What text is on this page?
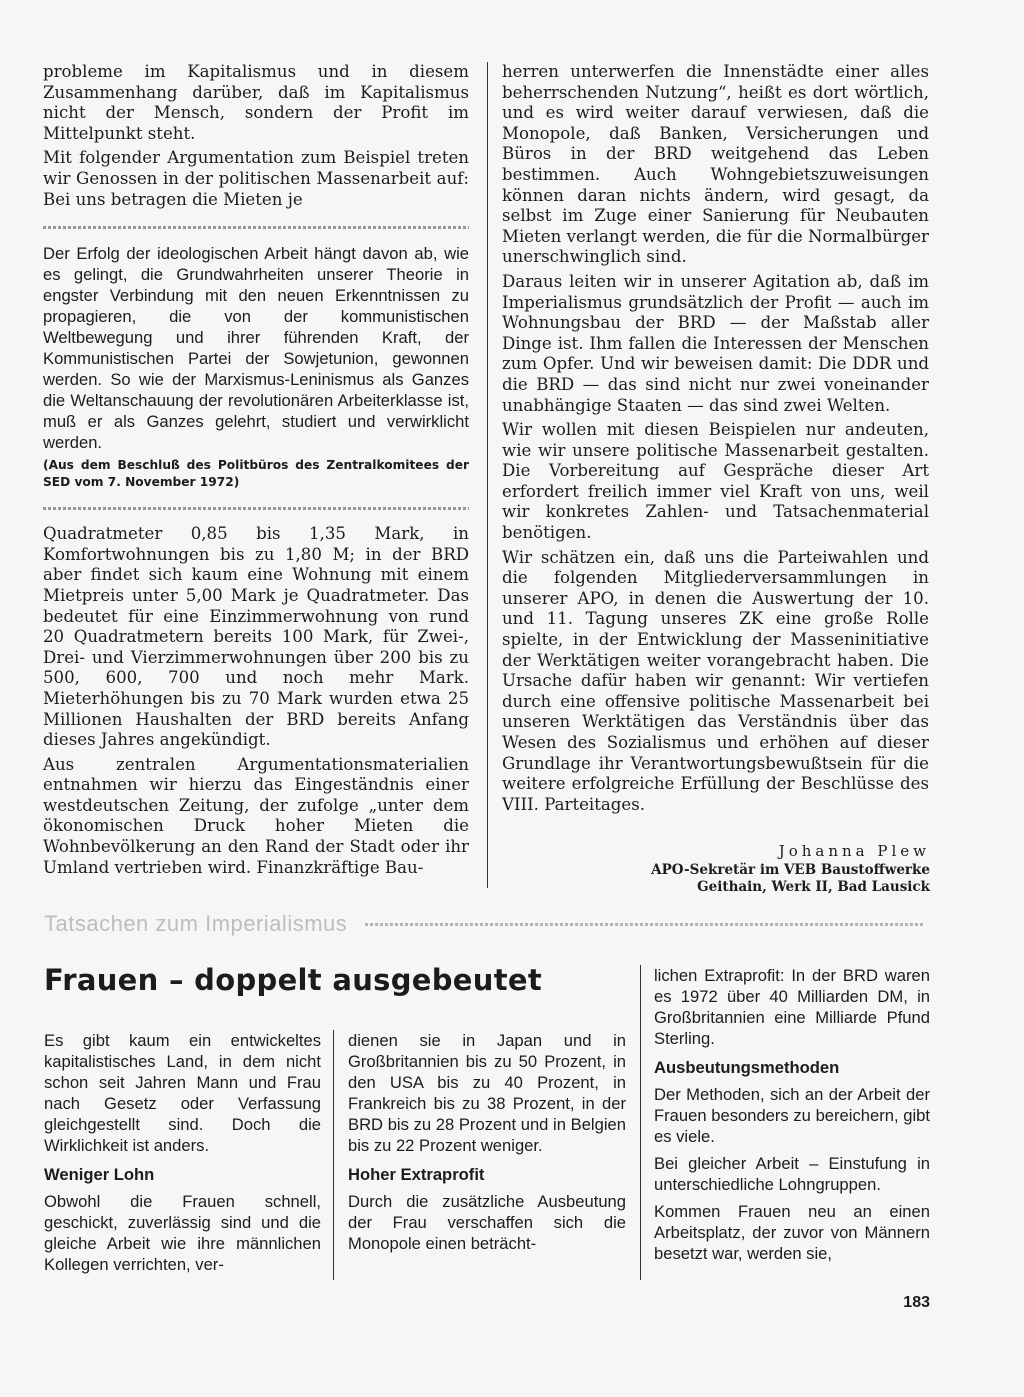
probleme im Kapitalismus und in diesem Zusammenhang darüber, daß im Kapitalismus nicht der Mensch, sondern der Profit im Mittelpunkt steht.

Mit folgender Argumentation zum Beispiel treten wir Genossen in der politischen Massenarbeit auf: Bei uns betragen die Mieten je

Der Erfolg der ideologischen Arbeit hängt davon ab, wie es gelingt, die Grundwahrheiten unserer Theorie in engster Verbindung mit den neuen Erkenntnissen zu propagieren, die von der kommunistischen Weltbewegung und ihrer führenden Kraft, der Kommunistischen Partei der Sowjetunion, gewonnen werden. So wie der Marxismus-Leninismus als Ganzes die Weltanschauung der revolutionären Arbeiterklasse ist, muß er als Ganzes gelehrt, studiert und verwirklicht werden.

(Aus dem Beschluß des Politbüros des Zentralkomitees der SED vom 7. November 1972)

Quadratmeter 0,85 bis 1,35 Mark, in Komfortwohnungen bis zu 1,80 M; in der BRD aber findet sich kaum eine Wohnung mit einem Mietpreis unter 5,00 Mark je Quadratmeter. Das bedeutet für eine Einzimmerwohnung von rund 20 Quadratmetern bereits 100 Mark, für Zwei-, Drei- und Vierzimmerwohnungen über 200 bis zu 500, 600, 700 und noch mehr Mark. Mieterhöhungen bis zu 70 Mark wurden etwa 25 Millionen Haushalten der BRD bereits Anfang dieses Jahres angekündigt.

Aus zentralen Argumentationsmaterialien entnahmen wir hierzu das Eingeständnis einer westdeutschen Zeitung, der zufolge „unter dem ökonomischen Druck hoher Mieten die Wohnbevölkerung an den Rand der Stadt oder ihr Umland vertrieben wird. Finanzkräftige Bau-

herren unterwerfen die Innenstädte einer alles beherrschenden Nutzung“, heißt es dort wörtlich, und es wird weiter darauf verwiesen, daß die Monopole, daß Banken, Versicherungen und Büros in der BRD weitgehend das Leben bestimmen. Auch Wohngebietszuweisungen können daran nichts ändern, wird gesagt, da selbst im Zuge einer Sanierung für Neubauten Mieten verlangt werden, die für die Normalbürger unerschwinglich sind.

Daraus leiten wir in unserer Agitation ab, daß im Imperialismus grundsätzlich der Profit — auch im Wohnungsbau der BRD — der Maßstab aller Dinge ist. Ihm fallen die Interessen der Menschen zum Opfer. Und wir beweisen damit: Die DDR und die BRD — das sind nicht nur zwei voneinander unabhängige Staaten — das sind zwei Welten.

Wir wollen mit diesen Beispielen nur andeuten, wie wir unsere politische Massenarbeit gestalten. Die Vorbereitung auf Gespräche dieser Art erfordert freilich immer viel Kraft von uns, weil wir konkretes Zahlen- und Tatsachenmaterial benötigen.

Wir schätzen ein, daß uns die Parteiwahlen und die folgenden Mitgliederversammlungen in unserer APO, in denen die Auswertung der 10. und 11. Tagung unseres ZK eine große Rolle spielte, in der Entwicklung der Masseninitiative der Werktätigen weiter vorangebracht haben. Die Ursache dafür haben wir genannt: Wir vertiefen durch eine offensive politische Massenarbeit bei unseren Werktätigen das Verständnis über das Wesen des Sozialismus und erhöhen auf dieser Grundlage ihr Verantwortungsbewußtsein für die weitere erfolgreiche Erfüllung der Beschlüsse des VIII. Parteitages.

Johanna Plew
APO-Sekretär im VEB Baustoffwerke
Geithain, Werk II, Bad Lausick
Tatsachen zum Imperialismus
Frauen – doppelt ausgebeutet

Es gibt kaum ein entwickeltes kapitalistisches Land, in dem nicht schon seit Jahren Mann und Frau nach Gesetz oder Verfassung gleichgestellt sind. Doch die Wirklichkeit ist anders.

Weniger Lohn

Obwohl die Frauen schnell, geschickt, zuverlässig sind und die gleiche Arbeit wie ihre männlichen Kollegen verrichten, ver-

dienen sie in Japan und in Großbritannien bis zu 50 Prozent, in den USA bis zu 40 Prozent, in Frankreich bis zu 38 Prozent, in der BRD bis zu 28 Prozent und in Belgien bis zu 22 Prozent weniger.

Hoher Extraprofit

Durch die zusätzliche Ausbeutung der Frau verschaffen sich die Monopole einen beträcht-

lichen Extraprofit: In der BRD waren es 1972 über 40 Milliarden DM, in Großbritannien eine Milliarde Pfund Sterling.

Ausbeutungsmethoden

Der Methoden, sich an der Arbeit der Frauen besonders zu bereichern, gibt es viele.

Bei gleicher Arbeit – Einstufung in unterschiedliche Lohngruppen.

Kommen Frauen neu an einen Arbeitsplatz, der zuvor von Männern besetzt war, werden sie,

183
